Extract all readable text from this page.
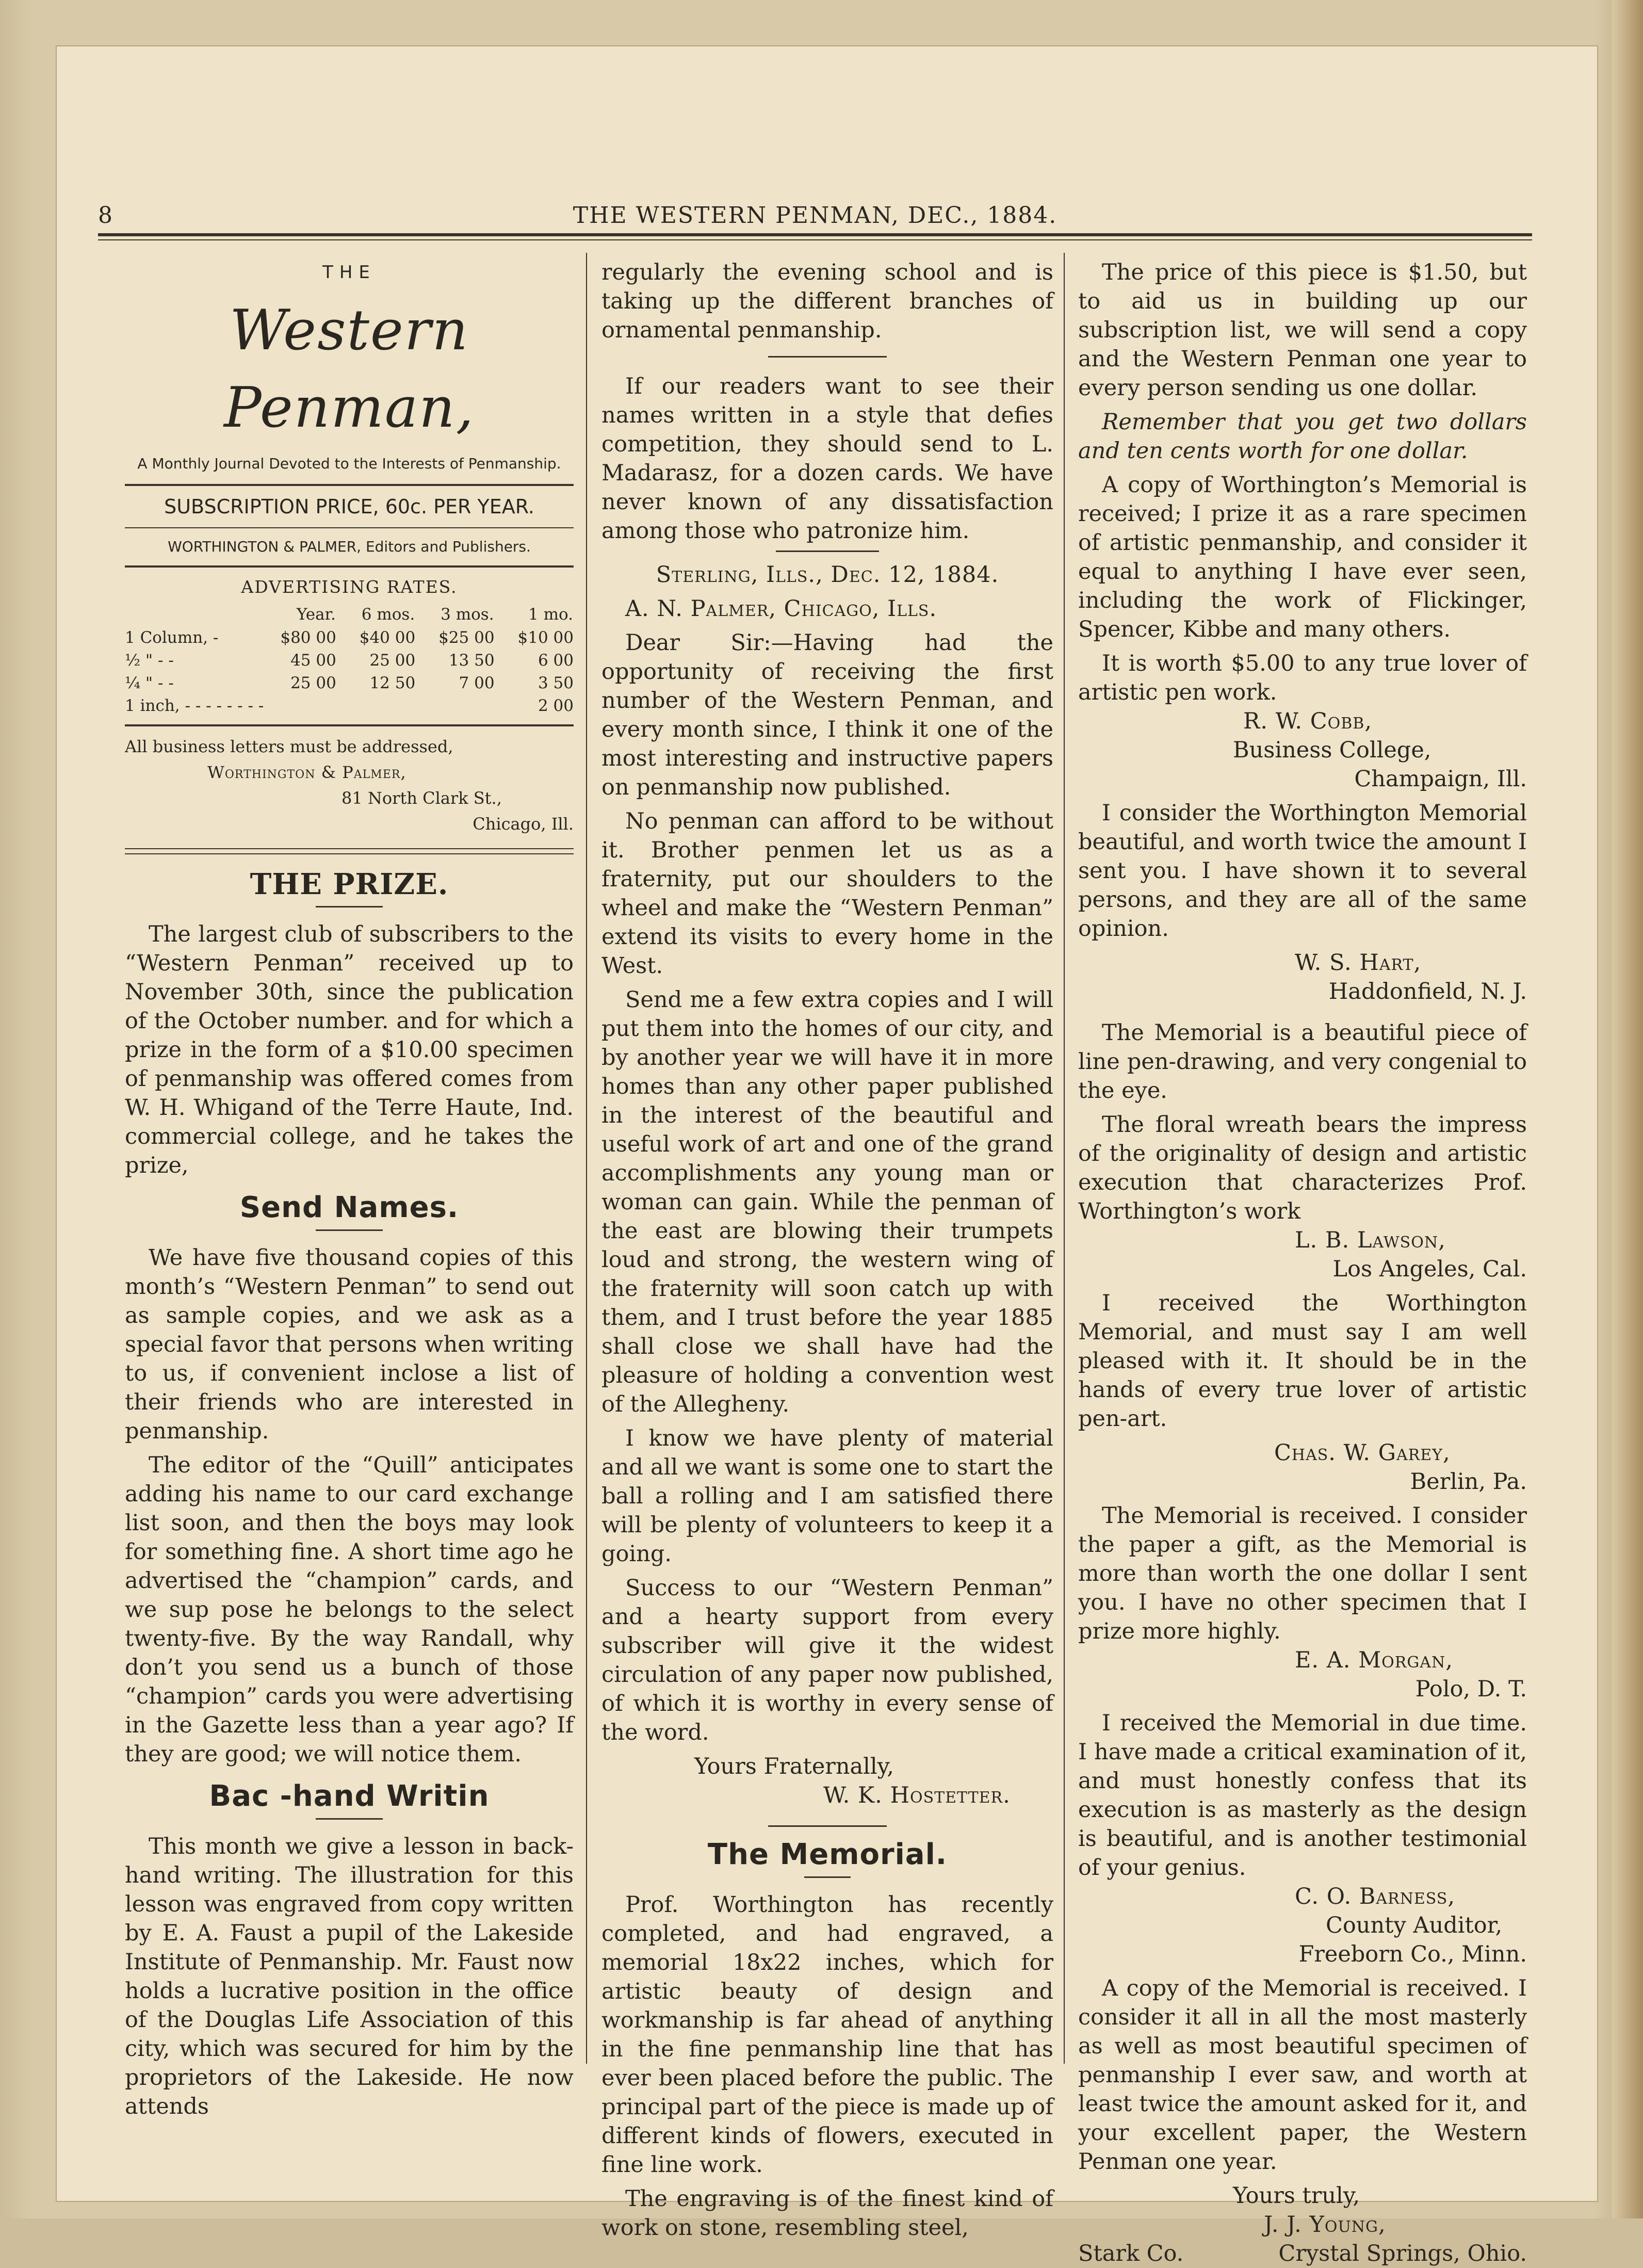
8	THE WESTERN PENMAN, DEC., 1884.

THE

Western Penman,

A Monthly Journal Devoted to the Interests of Penmanship.

SUBSCRIPTION PRICE, 60c. PER YEAR.

WORTHINGTON & PALMER, Editors and Publishers.

ADVERTISING RATES.

	Year.	6 mos.	3 mos.	1 mo.
1 Column, -	$80 00	$40 00	$25 00	$10 00
½ " - -	45 00	25 00	13 50	6 00
¼ " - -	25 00	12 50	7 00	3 50
1 inch, - - - - - - - -				2 00

All business letters must be addressed,

Worthington & Palmer,

81 North Clark St.,

Chicago, Ill.

THE PRIZE.

The largest club of subscribers to the “Western Penman” received up to November 30th, since the publication of the October number. and for which a prize in the form of a $10.00 specimen of penmanship was offered comes from W. H. Whigand of the Terre Haute, Ind. commercial college, and he takes the prize,

Send Names.

We have five thousand copies of this month’s “Western Penman” to send out as sample copies, and we ask as a special favor that persons when writing to us, if convenient inclose a list of their friends who are interested in penmanship.

The editor of the “Quill” anticipates adding his name to our card exchange list soon, and then the boys may look for something fine. A short time ago he advertised the “champion” cards, and we sup pose he belongs to the select twenty-five. By the way Randall, why don’t you send us a bunch of those “champion” cards you were advertising in the Gazette less than a year ago? If they are good; we will notice them.

Bac -hand Writin

This month we give a lesson in back-hand writing. The illustration for this lesson was engraved from copy written by E. A. Faust a pupil of the Lakeside Institute of Penmanship. Mr. Faust now holds a lucrative position in the office of the Douglas Life Association of this city, which was secured for him by the proprietors of the Lakeside. He now attends

regularly the evening school and is taking up the different branches of ornamental penmanship.

If our readers want to see their names written in a style that defies competition, they should send to L. Madarasz, for a dozen cards. We have never known of any dissatisfaction among those who patronize him.

Sterling, Ills., Dec. 12, 1884.

A. N. Palmer, Chicago, Ills.

Dear Sir:—Having had the opportunity of receiving the first number of the Western Penman, and every month since, I think it one of the most interesting and instructive papers on penmanship now published.

No penman can afford to be without it. Brother penmen let us as a fraternity, put our shoulders to the wheel and make the “Western Penman” extend its visits to every home in the West.

Send me a few extra copies and I will put them into the homes of our city, and by another year we will have it in more homes than any other paper published in the interest of the beautiful and useful work of art and one of the grand accomplishments any young man or woman can gain. While the penman of the east are blowing their trumpets loud and strong, the western wing of the fraternity will soon catch up with them, and I trust before the year 1885 shall close we shall have had the pleasure of holding a convention west of the Allegheny.

I know we have plenty of material and all we want is some one to start the ball a rolling and I am satisfied there will be plenty of volunteers to keep it a going.

Success to our “Western Penman” and a hearty support from every subscriber will give it the widest circulation of any paper now published, of which it is worthy in every sense of the word.

Yours Fraternally,

W. K. Hostetter.

The Memorial.

Prof. Worthington has recently completed, and had engraved, a memorial 18x22 inches, which for artistic beauty of design and workmanship is far ahead of anything in the fine penmanship line that has ever been placed before the public. The principal part of the piece is made up of different kinds of flowers, executed in fine line work.

The engraving is of the finest kind of work on stone, resembling steel,

The price of this piece is $1.50, but to aid us in building up our subscription list, we will send a copy and the Western Penman one year to every person sending us one dollar.

Remember that you get two dollars and ten cents worth for one dollar.

A copy of Worthington’s Memorial is received; I prize it as a rare specimen of artistic penmanship, and consider it equal to anything I have ever seen, including the work of Flickinger, Spencer, Kibbe and many others.

It is worth $5.00 to any true lover of artistic pen work.

R. W. Cobb,

Business College,

Champaign, Ill.

I consider the Worthington Memorial beautiful, and worth twice the amount I sent you. I have shown it to several persons, and they are all of the same opinion.

W. S. Hart,

Haddonfield, N. J.

The Memorial is a beautiful piece of line pen-drawing, and very congenial to the eye.

The floral wreath bears the impress of the originality of design and artistic execution that characterizes Prof. Worthington’s work

L. B. Lawson,

Los Angeles, Cal.

I received the Worthington Memorial, and must say I am well pleased with it. It should be in the hands of every true lover of artistic pen-art.

Chas. W. Garey,

Berlin, Pa.

The Memorial is received. I consider the paper a gift, as the Memorial is more than worth the one dollar I sent you. I have no other specimen that I prize more highly.

E. A. Morgan,

Polo, D. T.

I received the Memorial in due time. I have made a critical examination of it, and must honestly confess that its execution is as masterly as the design is beautiful, and is another testimonial of your genius.

C. O. Barness,

County Auditor,

Freeborn Co., Minn.

A copy of the Memorial is received. I consider it all in all the most masterly as well as most beautiful specimen of penmanship I ever saw, and worth at least twice the amount asked for it, and your excellent paper, the Western Penman one year.

Yours truly,

J. J. Young,

Stark Co.	Crystal Springs, Ohio.
